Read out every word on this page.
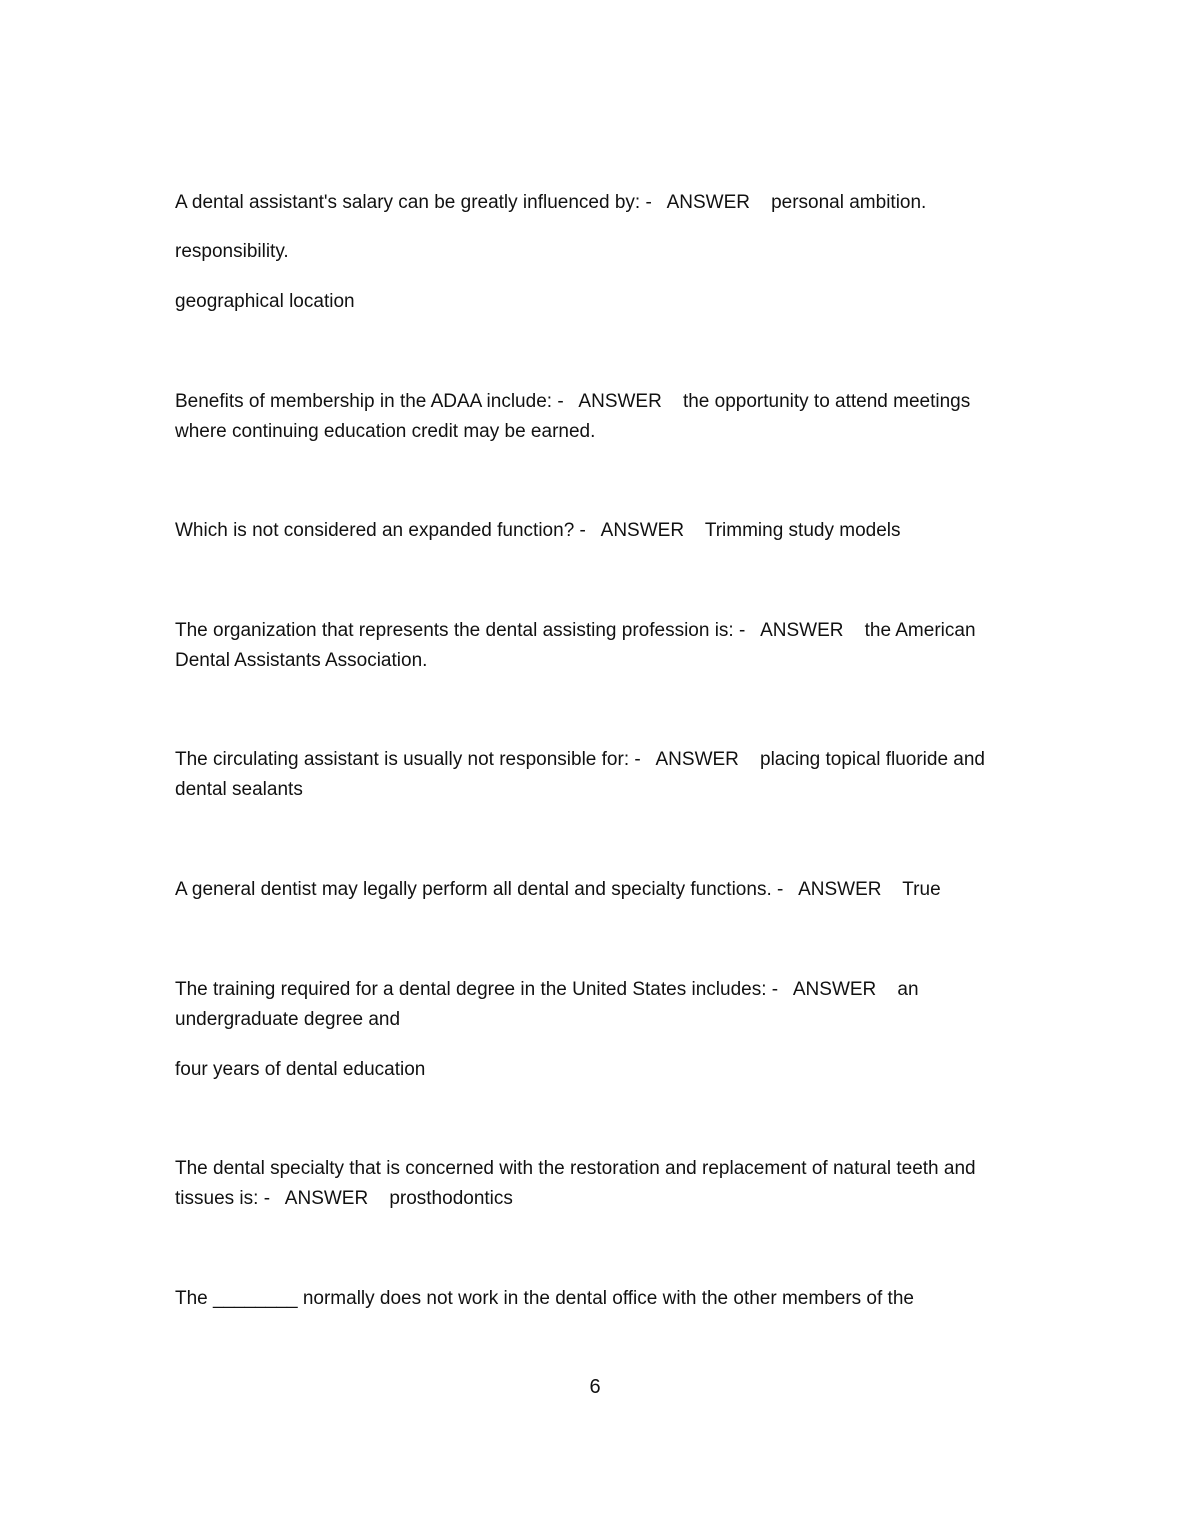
A dental assistant's salary can be greatly influenced by: -   ANSWER    personal ambition.

responsibility.

geographical location

Benefits of membership in the ADAA include: -   ANSWER    the opportunity to attend meetings where continuing education credit may be earned.

Which is not considered an expanded function? -   ANSWER    Trimming study models

The organization that represents the dental assisting profession is: -   ANSWER    the American Dental Assistants Association.

The circulating assistant is usually not responsible for: -   ANSWER    placing topical fluoride and dental sealants

A general dentist may legally perform all dental and specialty functions. -   ANSWER    True

The training required for a dental degree in the United States includes: -   ANSWER    an undergraduate degree and

four years of dental education

The dental specialty that is concerned with the restoration and replacement of natural teeth and tissues is: -   ANSWER    prosthodontics

The ________ normally does not work in the dental office with the other members of the

6
